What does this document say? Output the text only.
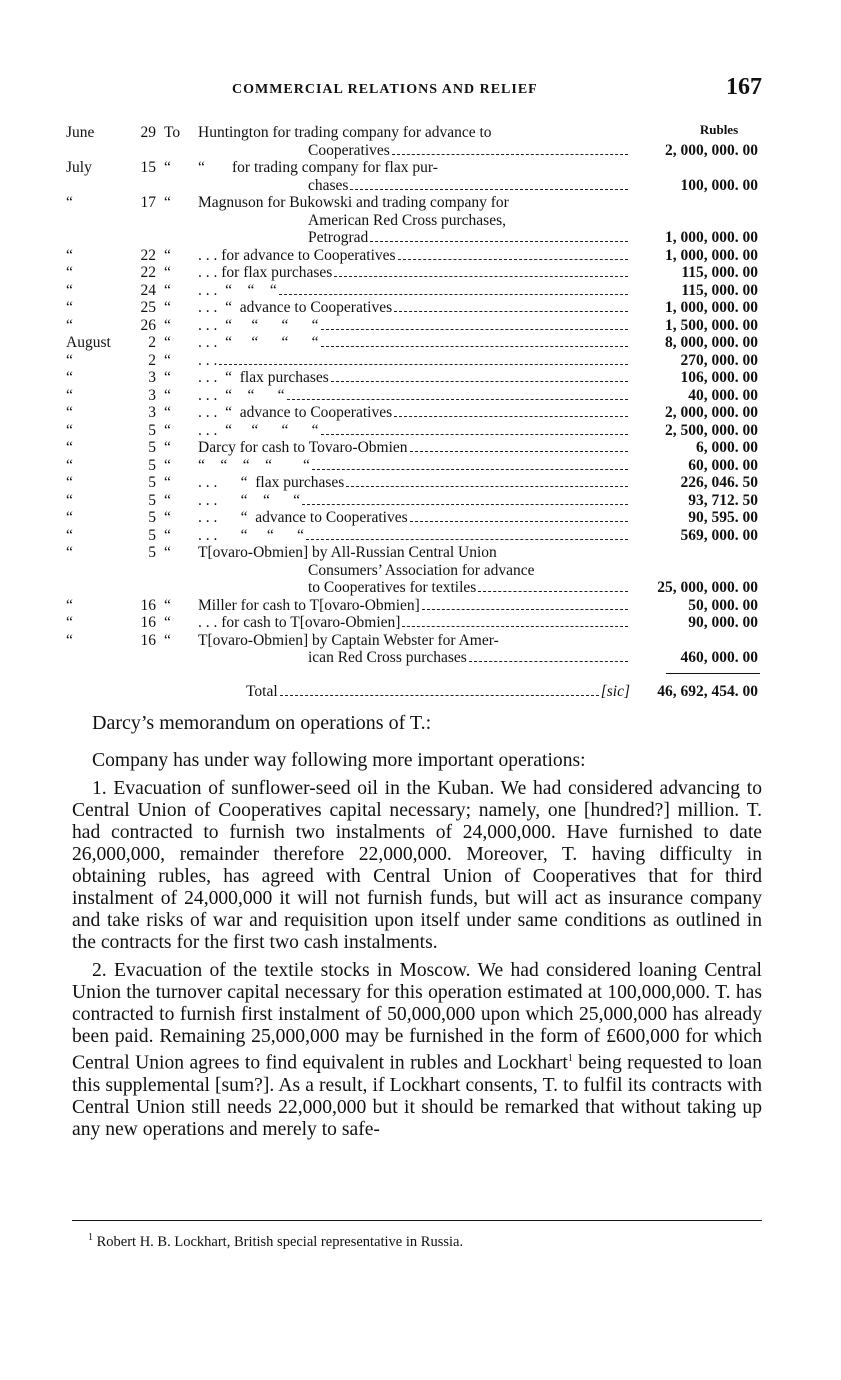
COMMERCIAL RELATIONS AND RELIEF	167
Rubles
June	29 To	Huntington for trading company for advance to
Cooperatives	2, 000, 000. 00
July	15 “	“       for trading company for flax pur-
chases	100, 000. 00
“	17 “	Magnuson for Bukowski and trading company for
American Red Cross purchases,
Petrograd	1, 000, 000. 00
“	22 “	. . . for advance to Cooperatives	1, 000, 000. 00
“	22 “	. . . for flax purchases	115, 000. 00
“	24 “	. . .  “    “    “	115, 000. 00
“	25 “	. . .  “  advance to Cooperatives	1, 000, 000. 00
“	26 “	. . .  “     “      “      “	1, 500, 000. 00
August	2 “	. . .  “     “      “      “	8, 000, 000. 00
“	2 “	. . .	270, 000. 00
“	3 “	. . .  “  flax purchases	106, 000. 00
“	3 “	. . .  “    “      “	40, 000. 00
“	3 “	. . .  “  advance to Cooperatives	2, 000, 000. 00
“	5 “	. . .  “     “      “      “	2, 500, 000. 00
“	5 “	Darcy for cash to Tovaro-Obmien	6, 000. 00
“	5 “	“    “    “    “        “	60, 000. 00
“	5 “	. . .      “  flax purchases	226, 046. 50
“	5 “	. . .      “    “      “	93, 712. 50
“	5 “	. . .      “  advance to Cooperatives	90, 595. 00
“	5 “	. . .      “     “      “	569, 000. 00
“	5 “	T[ovaro-Obmien] by All-Russian Central Union
Consumers’ Association for advance
to Cooperatives for textiles	25, 000, 000. 00
“	16 “	Miller for cash to T[ovaro-Obmien]	50, 000. 00
“	16 “	. . . for cash to T[ovaro-Obmien]	90, 000. 00
“	16 “	T[ovaro-Obmien] by Captain Webster for Amer-
ican Red Cross purchases	460, 000. 00
Total	[sic]	46, 692, 454. 00
Darcy’s memorandum on operations of T.:

Company has under way following more important operations:

1. Evacuation of sunflower-seed oil in the Kuban. We had considered advancing to Central Union of Cooperatives capital necessary; namely, one [hundred?] million. T. had contracted to furnish two instalments of 24,000,000. Have furnished to date 26,000,000, remainder therefore 22,000,000. Moreover, T. having difficulty in obtaining rubles, has agreed with Central Union of Cooperatives that for third instalment of 24,000,000 it will not furnish funds, but will act as insurance company and take risks of war and requisition upon itself under same conditions as outlined in the contracts for the first two cash instalments.

2. Evacuation of the textile stocks in Moscow. We had considered loaning Central Union the turnover capital necessary for this operation estimated at 100,000,000. T. has contracted to furnish first instalment of 50,000,000 upon which 25,000,000 has already been paid. Remaining 25,000,000 may be furnished in the form of £600,000 for which Central Union agrees to find equivalent in rubles and Lockhart$^1$ being requested to loan this supplemental [sum?]. As a result, if Lockhart consents, T. to fulfil its contracts with Central Union still needs 22,000,000 but it should be remarked that without taking up any new operations and merely to safe-

$^1$ Robert H. B. Lockhart, British special representative in Russia.
